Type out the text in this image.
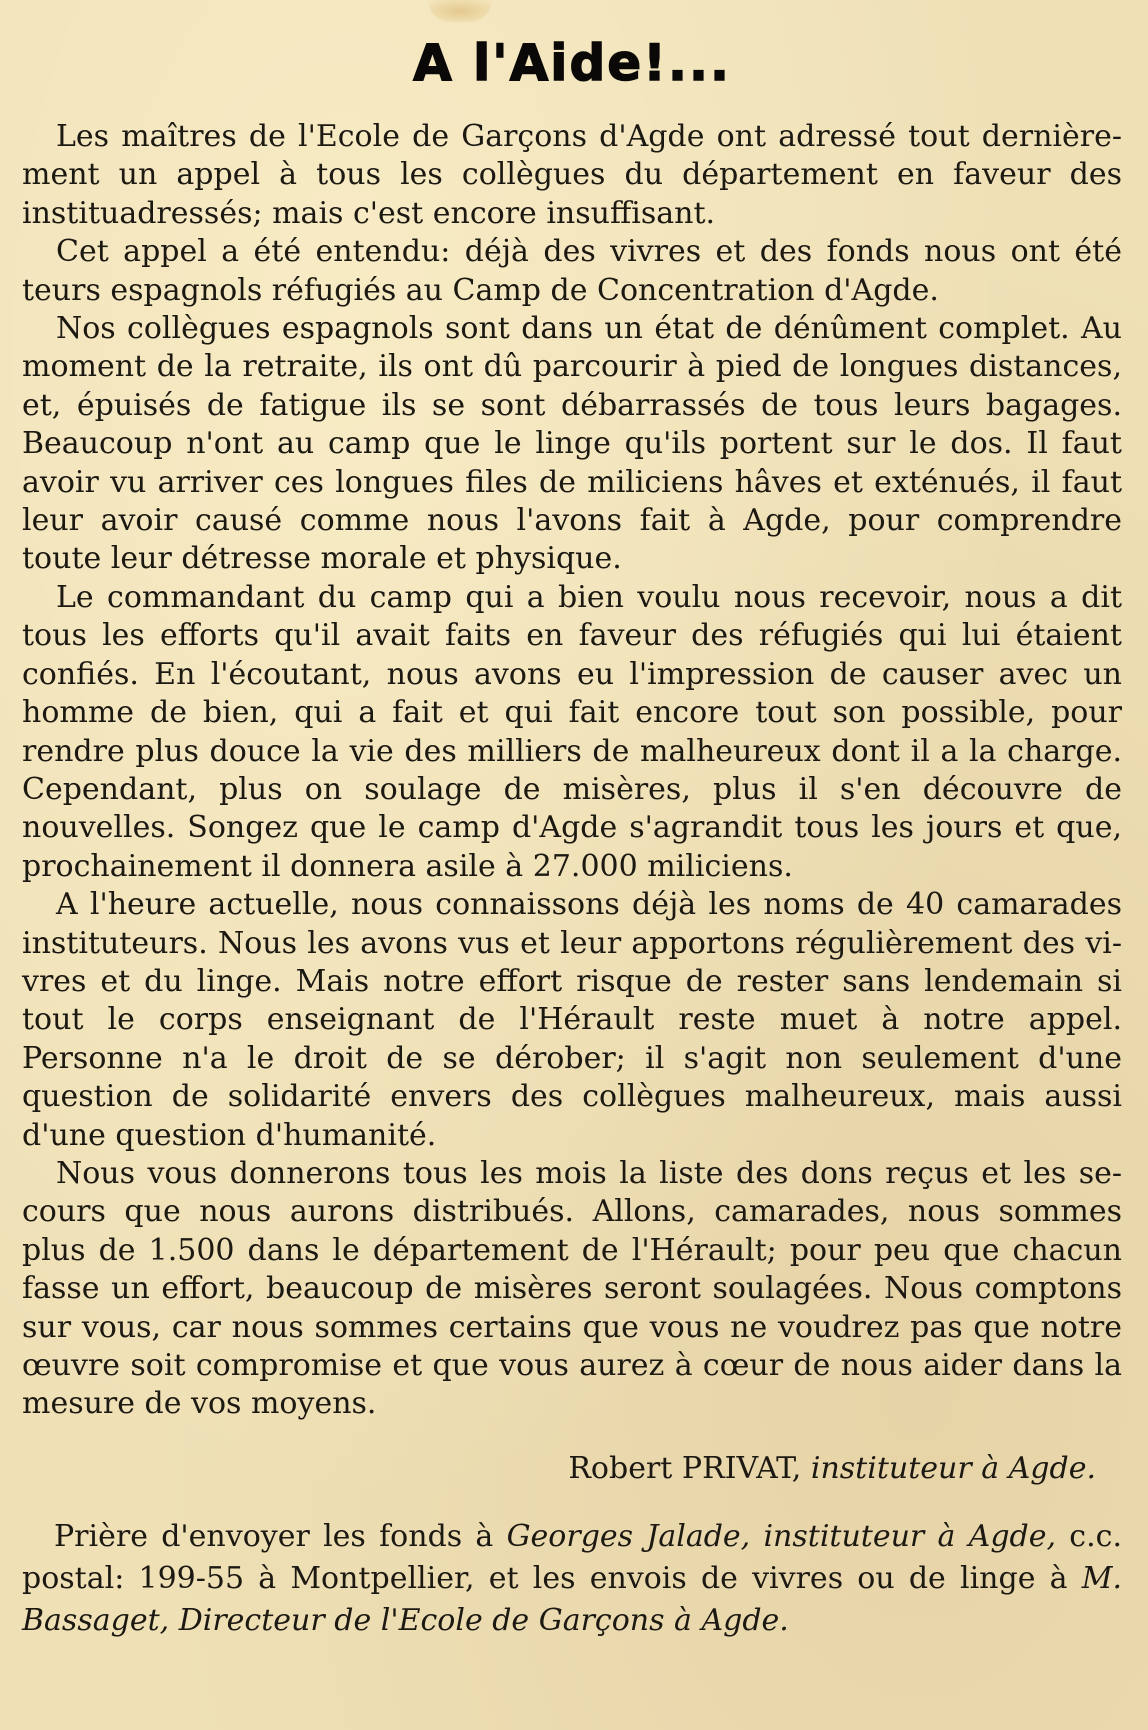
A l'Aide!...

Les maîtres de l'Ecole de Garçons d'Agde ont adressé tout dernièrement un appel à tous les collègues du département en faveur des instituadressés; mais c'est encore insuffisant.

Cet appel a été entendu: déjà des vivres et des fonds nous ont été teurs espagnols réfugiés au Camp de Concentration d'Agde.

Nos collègues espagnols sont dans un état de dénûment complet. Au moment de la retraite, ils ont dû parcourir à pied de longues distances, et, épuisés de fatigue ils se sont débarrassés de tous leurs bagages. Beaucoup n'ont au camp que le linge qu'ils portent sur le dos. Il faut avoir vu arriver ces longues files de miliciens hâves et exténués, il faut leur avoir causé comme nous l'avons fait à Agde, pour comprendre toute leur détresse morale et physique.

Le commandant du camp qui a bien voulu nous recevoir, nous a dit tous les efforts qu'il avait faits en faveur des réfugiés qui lui étaient confiés. En l'écoutant, nous avons eu l'impression de causer avec un homme de bien, qui a fait et qui fait encore tout son possible, pour rendre plus douce la vie des milliers de malheureux dont il a la charge. Cependant, plus on soulage de misères, plus il s'en découvre de nouvelles. Songez que le camp d'Agde s'agrandit tous les jours et que, prochainement il donnera asile à 27.000 miliciens.

A l'heure actuelle, nous connaissons déjà les noms de 40 camarades instituteurs. Nous les avons vus et leur apportons régulièrement des vivres et du linge. Mais notre effort risque de rester sans lendemain si tout le corps enseignant de l'Hérault reste muet à notre appel. Personne n'a le droit de se dérober; il s'agit non seulement d'une question de solidarité envers des collègues malheureux, mais aussi d'une question d'humanité.

Nous vous donnerons tous les mois la liste des dons reçus et les secours que nous aurons distribués. Allons, camarades, nous sommes plus de 1.500 dans le département de l'Hérault; pour peu que chacun fasse un effort, beaucoup de misères seront soulagées. Nous comptons sur vous, car nous sommes certains que vous ne voudrez pas que notre œuvre soit compromise et que vous aurez à cœur de nous aider dans la mesure de vos moyens.

Robert PRIVAT, instituteur à Agde.
Prière d'envoyer les fonds à Georges Jalade, instituteur à Agde, c.c. postal: 199-55 à Montpellier, et les envois de vivres ou de linge à M. Bassaget, Directeur de l'Ecole de Garçons à Agde.
